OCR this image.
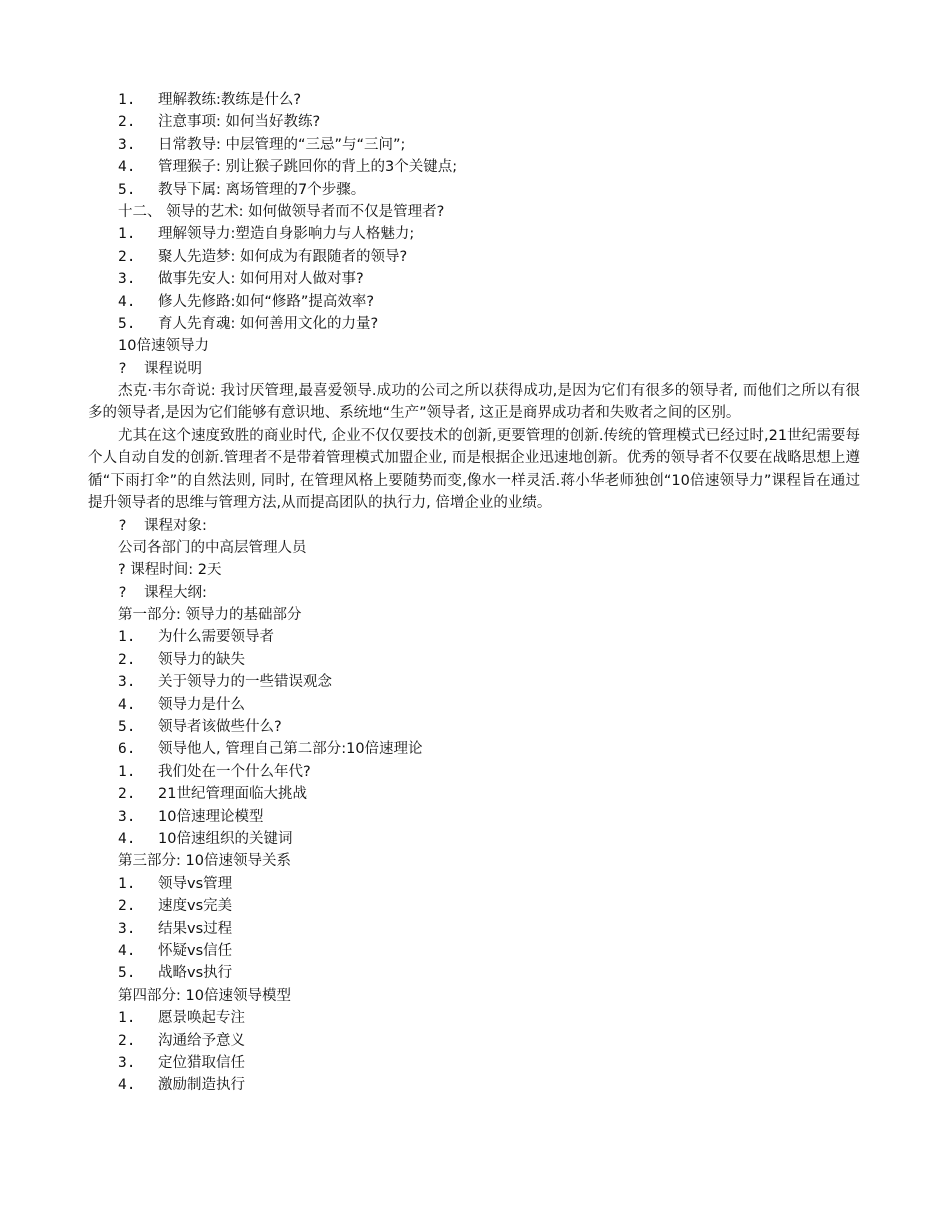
1. 理解教练:教练是什么?
2. 注意事项: 如何当好教练?
3. 日常教导: 中层管理的“三忌”与“三问”;
4. 管理猴子: 别让猴子跳回你的背上的3个关键点;
5. 教导下属: 离场管理的7个步骤。
十二、 领导的艺术: 如何做领导者而不仅是管理者?
1. 理解领导力:塑造自身影响力与人格魅力;
2. 聚人先造梦: 如何成为有跟随者的领导?
3. 做事先安人: 如何用对人做对事?
4. 修人先修路:如何“修路”提高效率?
5. 育人先育魂: 如何善用文化的力量?
10倍速领导力
? 课程说明
杰克·韦尔奇说: 我讨厌管理,最喜爱领导.成功的公司之所以获得成功,是因为它们有很多的领导者, 而他们之所以有很多的领导者,是因为它们能够有意识地、系统地“生产”领导者, 这正是商界成功者和失败者之间的区别。
尤其在这个速度致胜的商业时代, 企业不仅仅要技术的创新,更要管理的创新.传统的管理模式已经过时,21世纪需要每个人自动自发的创新.管理者不是带着管理模式加盟企业, 而是根据企业迅速地创新。优秀的领导者不仅要在战略思想上遵循“下雨打伞”的自然法则, 同时, 在管理风格上要随势而变,像水一样灵活.蒋小华老师独创“10倍速领导力”课程旨在通过提升领导者的思维与管理方法,从而提高团队的执行力, 倍增企业的业绩。
? 课程对象:
公司各部门的中高层管理人员
? 课程时间: 2天
? 课程大纲:
第一部分: 领导力的基础部分
1. 为什么需要领导者
2. 领导力的缺失
3. 关于领导力的一些错误观念
4. 领导力是什么
5. 领导者该做些什么?
6. 领导他人, 管理自己第二部分:10倍速理论
1. 我们处在一个什么年代?
2. 21世纪管理面临大挑战
3. 10倍速理论模型
4. 10倍速组织的关键词
第三部分: 10倍速领导关系
1. 领导vs管理
2. 速度vs完美
3. 结果vs过程
4. 怀疑vs信任
5. 战略vs执行
第四部分: 10倍速领导模型
1. 愿景唤起专注
2. 沟通给予意义
3. 定位猎取信任
4. 激励制造执行
